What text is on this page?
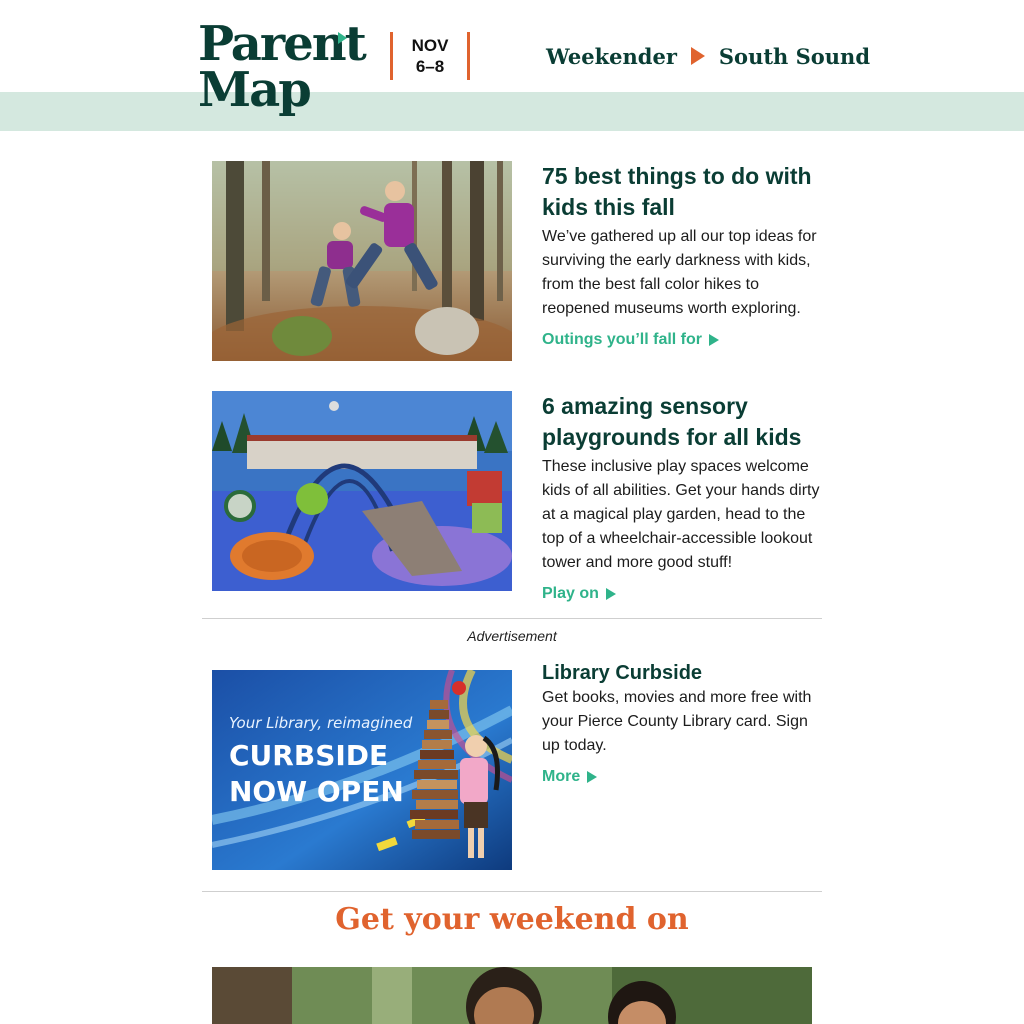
Parent
Map
NOV
6–8	Weekender South Sound

75 best things to do with kids this fall

We’ve gathered up all our top ideas for surviving the early darkness with kids, from the best fall color hikes to reopened museums worth exploring.

Outings you’ll fall for

6 amazing sensory playgrounds for all kids

These inclusive play spaces welcome kids of all abilities. Get your hands dirty at a magical play garden, head to the top of a wheelchair-accessible lookout tower and more good stuff!

Play on
Advertisement
Your Library, reimagined
CURBSIDE
NOW OPEN

Library Curbside

Get books, movies and more free with your Pierce County Library card. Sign up today.

More
Get your weekend on
